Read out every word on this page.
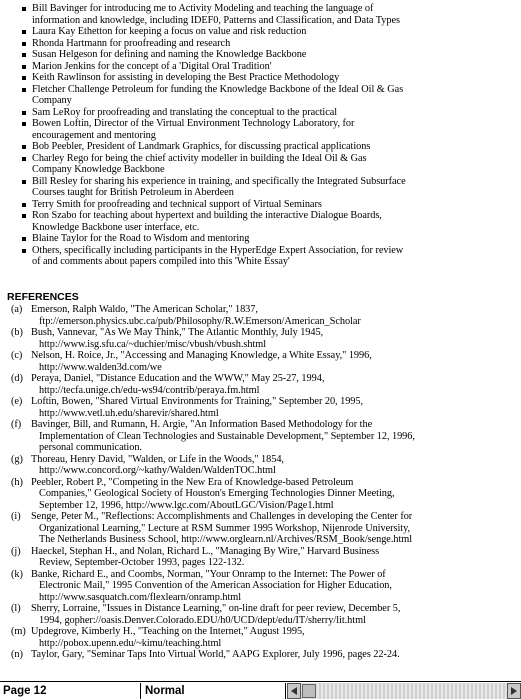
Bill Bavinger for introducing me to Activity Modeling and teaching the language of
information and knowledge, including IDEF0, Patterns and Classification, and Data Types
Laura Kay Ethetton for keeping a focus on value and risk reduction
Rhonda Hartmann for proofreading and research
Susan Helgeson for defining and naming the Knowledge Backbone
Marion Jenkins for the concept of a 'Digital Oral Tradition'
Keith Rawlinson for assisting in developing the Best Practice Methodology
Fletcher Challenge Petroleum for funding the Knowledge Backbone of the Ideal Oil & Gas
Company
Sam LeRoy for proofreading and translating the conceptual to the practical
Bowen Loftin, Director of the Virtual Environment Technology Laboratory, for
encouragement and mentoring
Bob Peebler, President of Landmark Graphics, for discussing practical applications
Charley Rego for being the chief activity modeller in building the Ideal Oil & Gas
Company Knowledge Backbone
Bill Resley for sharing his experience in training, and specifically the Integrated Subsurface
Courses taught for British Petroleum in Aberdeen
Terry Smith for proofreading and technical support of Virtual Seminars
Ron Szabo for teaching about hypertext and building the interactive Dialogue Boards,
Knowledge Backbone user interface, etc.
Blaine Taylor for the Road to Wisdom and mentoring
Others, specifically including participants in the HyperEdge Expert Association, for review
of and comments about papers compiled into this 'White Essay'
REFERENCES
(a) Emerson, Ralph Waldo, "The American Scholar," 1837,

ftp://emerson.physics.ubc.ca/pub/Philosophy/R.W.Emerson/American_Scholar

(b) Bush, Vannevar, "As We May Think," The Atlantic Monthly, July 1945,

http://www.isg.sfu.ca/~duchier/misc/vbush/vbush.shtml

(c) Nelson, H. Roice, Jr., "Accessing and Managing Knowledge, a White Essay," 1996,

http://www.walden3d.com/we

(d) Peraya, Daniel, "Distance Education and the WWW," May 25-27, 1994,

http://tecfa.unige.ch/edu-ws94/contrib/peraya.fm.html

(e) Loftin, Bowen, "Shared Virtual Environments for Training," September 20, 1995,

http://www.vetl.uh.edu/sharevir/shared.html

(f) Bavinger, Bill, and Rumann, H. Argie, "An Information Based Methodology for the

Implementation of Clean Technologies and Sustainable Development," September 12, 1996,

personal communication.

(g) Thoreau, Henry David, "Walden, or Life in the Woods," 1854,

http://www.concord.org/~kathy/Walden/WaldenTOC.html

(h) Peebler, Robert P., "Competing in the New Era of Knowledge-based Petroleum

Companies," Geological Society of Houston's Emerging Technologies Dinner Meeting,

September 12, 1996, http://www.lgc.com/AboutLGC/Vision/Page1.html

(i) Senge, Peter M., "Reflections: Accomplishments and Challenges in developing the Center for

Organizational Learning," Lecture at RSM Summer 1995 Workshop, Nijenrode University,

The Netherlands Business School, http://www.orglearn.nl/Archives/RSM_Book/senge.html

(j) Haeckel, Stephan H., and Nolan, Richard L., "Managing By Wire," Harvard Business

Review, September-October 1993, pages 122-132.

(k) Banke, Richard E., and Coombs, Norman, "Your Onramp to the Internet: The Power of

Electronic Mail," 1995 Convention of the American Association for Higher Education,

http://www.sasquatch.com/flexlearn/onramp.html

(l) Sherry, Lorraine, "Issues in Distance Learning," on-line draft for peer review, December 5,

1994, gopher://oasis.Denver.Colorado.EDU/h0/UCD/dept/edu/IT/sherry/lit.html

(m) Updegrove, Kimberly H., "Teaching on the Internet," August 1995,

http://pobox.upenn.edu/~kimu/teaching.html

(n) Taylor, Gary, "Seminar Taps Into Virtual World," AAPG Explorer, July 1996, pages 22-24.

Page 12	Normal
